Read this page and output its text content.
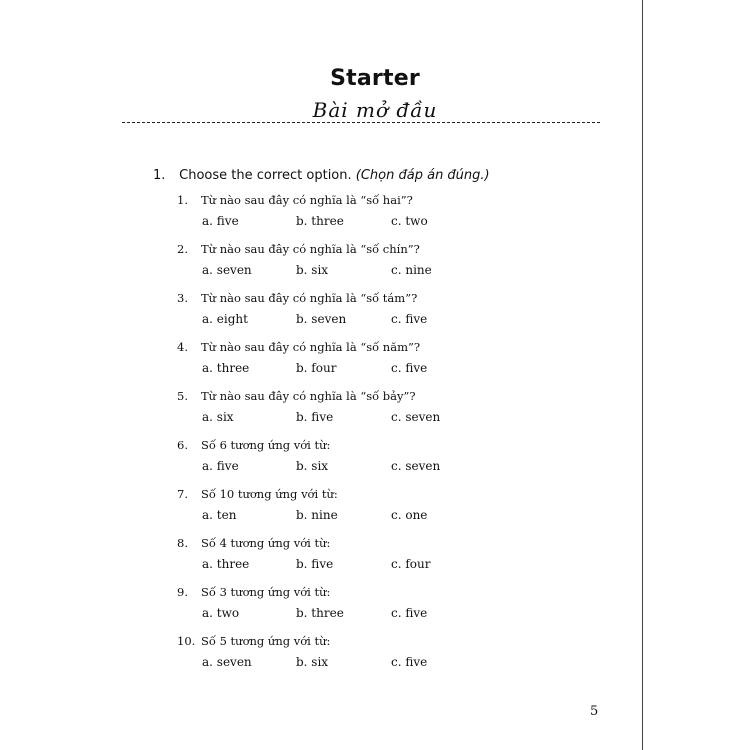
Starter
Bài mở đầu
1. Choose the correct option. (Chọn đáp án đúng.)
1. Từ nào sau đây có nghĩa là “số hai”?
a. five	b. three	c. two
2. Từ nào sau đây có nghĩa là “số chín”?
a. seven	b. six	c. nine
3. Từ nào sau đây có nghĩa là “số tám”?
a. eight	b. seven	c. five
4. Từ nào sau đây có nghĩa là “số năm”?
a. three	b. four	c. five
5. Từ nào sau đây có nghĩa là “số bảy”?
a. six	b. five	c. seven
6. Số 6 tương ứng với từ:
a. five	b. six	c. seven
7. Số 10 tương ứng với từ:
a. ten	b. nine	c. one
8. Số 4 tương ứng với từ:
a. three	b. five	c. four
9. Số 3 tương ứng với từ:
a. two	b. three	c. five
10. Số 5 tương ứng với từ:
a. seven	b. six	c. five
5
